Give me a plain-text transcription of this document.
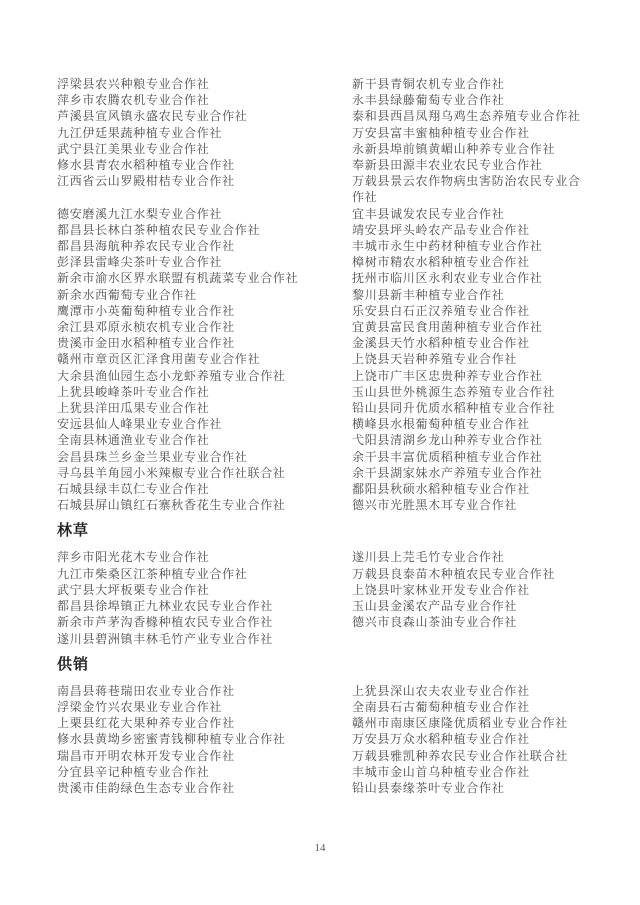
浮梁县农兴种粮专业合作社	新干县青铜农机专业合作社
萍乡市农腾农机专业合作社	永丰县绿藤葡萄专业合作社
芦溪县宣风镇永盛农民专业合作社	泰和县西昌凤翔乌鸡生态养殖专业合作社
九江伊廷果蔬种植专业合作社	万安县富丰蜜柚种植专业合作社
武宁县江美果业专业合作社	永新县埠前镇黄嵋山种养专业合作社
修水县青农水稻种植专业合作社	奉新县田源丰农业农民专业合作社
江西省云山罗殿柑桔专业合作社	万载县景云农作物病虫害防治农民专业合作社
德安磨溪九江水梨专业合作社	宜丰县诚发农民专业合作社
都昌县长林白茶种植农民专业合作社	靖安县坪头岭农产品专业合作社
都昌县海航种养农民专业合作社	丰城市永生中药材种植专业合作社
彭泽县雷峰尖茶叶专业合作社	樟树市精农水稻种植专业合作社
新余市渝水区界水联盟有机蔬菜专业合作社	抚州市临川区永利农业专业合作社
新余水西葡萄专业合作社	黎川县新丰种植专业合作社
鹰潭市小英葡萄种植专业合作社	乐安县白石正汉养殖专业合作社
余江县邓原永桢农机专业合作社	宜黄县富民食用菌种植专业合作社
贵溪市金田水稻种植专业合作社	金溪县天竹水稻种植专业合作社
赣州市章贡区汇泽食用菌专业合作社	上饶县天岩种养殖专业合作社
大余县渔仙园生态小龙虾养殖专业合作社	上饶市广丰区忠贵种养专业合作社
上犹县峻峰茶叶专业合作社	玉山县世外桃源生态养殖专业合作社
上犹县洋田瓜果专业合作社	铅山县同升优质水稻种植专业合作社
安远县仙人峰果业专业合作社	横峰县水根葡萄种植专业合作社
全南县林通渔业专业合作社	弋阳县清湖乡龙山种养专业合作社
会昌县珠兰乡金兰果业专业合作社	余干县丰富优质稻种植专业合作社
寻乌县羊角园小米辣椒专业合作社联合社	余干县湖家妹水产养殖专业合作社
石城县绿丰苡仁专业合作社	鄱阳县秋硕水稻种植专业合作社
石城县屏山镇红石寨秋香花生专业合作社	德兴市光胜黑木耳专业合作社
林草
萍乡市阳光花木专业合作社	遂川县上芫毛竹专业合作社
九江市柴桑区江茶种植专业合作社	万载县良泰苗木种植农民专业合作社
武宁县大坪板栗专业合作社	上饶县叶家林业开发专业合作社
都昌县徐埠镇正九林业农民专业合作社	玉山县金溪农产品专业合作社
新余市芦茅沟香橼种植农民专业合作社	德兴市良森山茶油专业合作社
遂川县碧洲镇丰林毛竹产业专业合作社
供销
南昌县蒋巷瑞田农业专业合作社	上犹县深山农夫农业专业合作社
浮梁金竹兴农果业专业合作社	全南县石古葡萄种植专业合作社
上栗县红花大果种养专业合作社	赣州市南康区康隆优质稻业专业合作社
修水县黄坳乡密蜜青钱柳种植专业合作社	万安县万众水稻种植专业合作社
瑞昌市开明农林开发专业合作社	万载县雅凯种养农民专业合作社联合社
分宜县辛记种植专业合作社	丰城市金山首乌种植专业合作社
贵溪市佳韵绿色生态专业合作社	铅山县泰缘茶叶专业合作社
14
